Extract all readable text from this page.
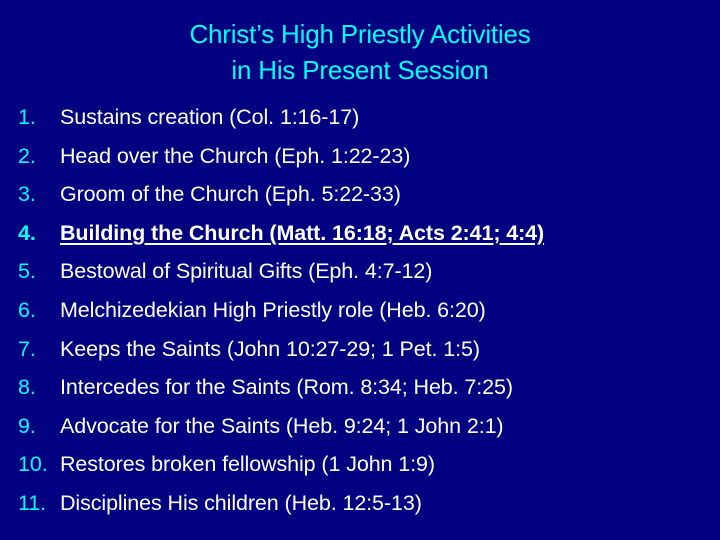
Christ’s High Priestly Activities
in His Present Session
1.	Sustains creation (Col. 1:16-17)
2.	Head over the Church (Eph. 1:22-23)
3.	Groom of the Church (Eph. 5:22-33)
4.	Building the Church (Matt. 16:18; Acts 2:41; 4:4)
5.	Bestowal of Spiritual Gifts (Eph. 4:7-12)
6.	Melchizedekian High Priestly role (Heb. 6:20)
7.	Keeps the Saints (John 10:27-29; 1 Pet. 1:5)
8.	Intercedes for the Saints (Rom. 8:34; Heb. 7:25)
9.	Advocate for the Saints (Heb. 9:24; 1 John 2:1)
10. Restores broken fellowship (1 John 1:9)
11. Disciplines His children (Heb. 12:5-13)
